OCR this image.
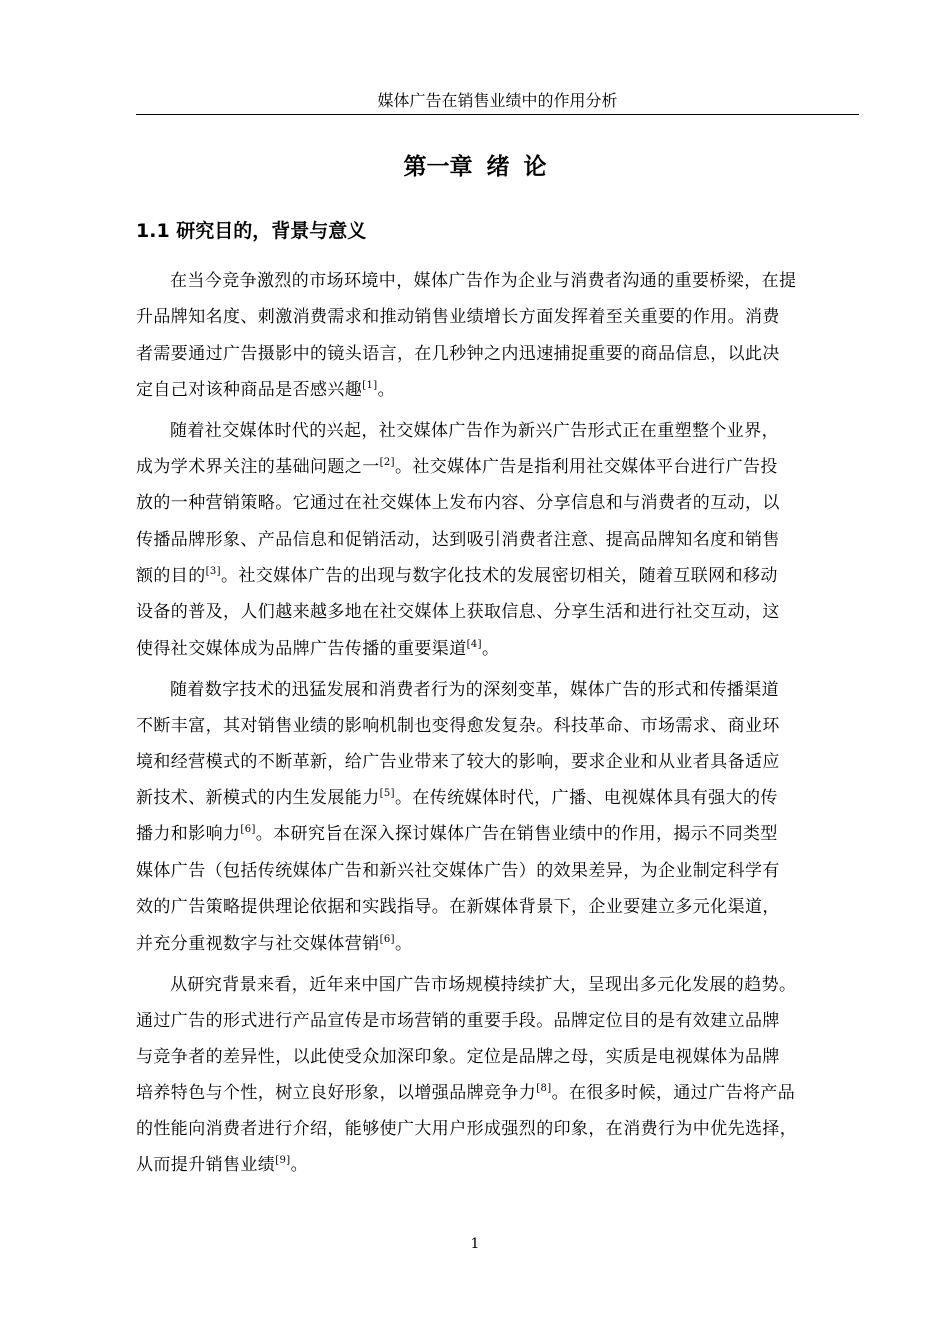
媒体广告在销售业绩中的作用分析
第一章 绪 论
1.1 研究目的，背景与意义
在当今竞争激烈的市场环境中，媒体广告作为企业与消费者沟通的重要桥梁，在提
升品牌知名度、刺激消费需求和推动销售业绩增长方面发挥着至关重要的作用。消费
者需要通过广告摄影中的镜头语言，在几秒钟之内迅速捕捉重要的商品信息，以此决
定自己对该种商品是否感兴趣[1]。
随着社交媒体时代的兴起，社交媒体广告作为新兴广告形式正在重塑整个业界，
成为学术界关注的基础问题之一[2]。社交媒体广告是指利用社交媒体平台进行广告投
放的一种营销策略。它通过在社交媒体上发布内容、分享信息和与消费者的互动，以
传播品牌形象、产品信息和促销活动，达到吸引消费者注意、提高品牌知名度和销售
额的目的[3]。社交媒体广告的出现与数字化技术的发展密切相关，随着互联网和移动
设备的普及，人们越来越多地在社交媒体上获取信息、分享生活和进行社交互动，这
使得社交媒体成为品牌广告传播的重要渠道[4]。
随着数字技术的迅猛发展和消费者行为的深刻变革，媒体广告的形式和传播渠道
不断丰富，其对销售业绩的影响机制也变得愈发复杂。科技革命、市场需求、商业环
境和经营模式的不断革新，给广告业带来了较大的影响，要求企业和从业者具备适应
新技术、新模式的内生发展能力[5]。在传统媒体时代，广播、电视媒体具有强大的传
播力和影响力[6]。本研究旨在深入探讨媒体广告在销售业绩中的作用，揭示不同类型
媒体广告（包括传统媒体广告和新兴社交媒体广告）的效果差异，为企业制定科学有
效的广告策略提供理论依据和实践指导。在新媒体背景下，企业要建立多元化渠道，
并充分重视数字与社交媒体营销[6]。
从研究背景来看，近年来中国广告市场规模持续扩大，呈现出多元化发展的趋势。
通过广告的形式进行产品宣传是市场营销的重要手段。品牌定位目的是有效建立品牌
与竞争者的差异性，以此使受众加深印象。定位是品牌之母，实质是电视媒体为品牌
培养特色与个性，树立良好形象，以增强品牌竞争力[8]。在很多时候，通过广告将产品
的性能向消费者进行介绍，能够使广大用户形成强烈的印象，在消费行为中优先选择，
从而提升销售业绩[9]。
1
